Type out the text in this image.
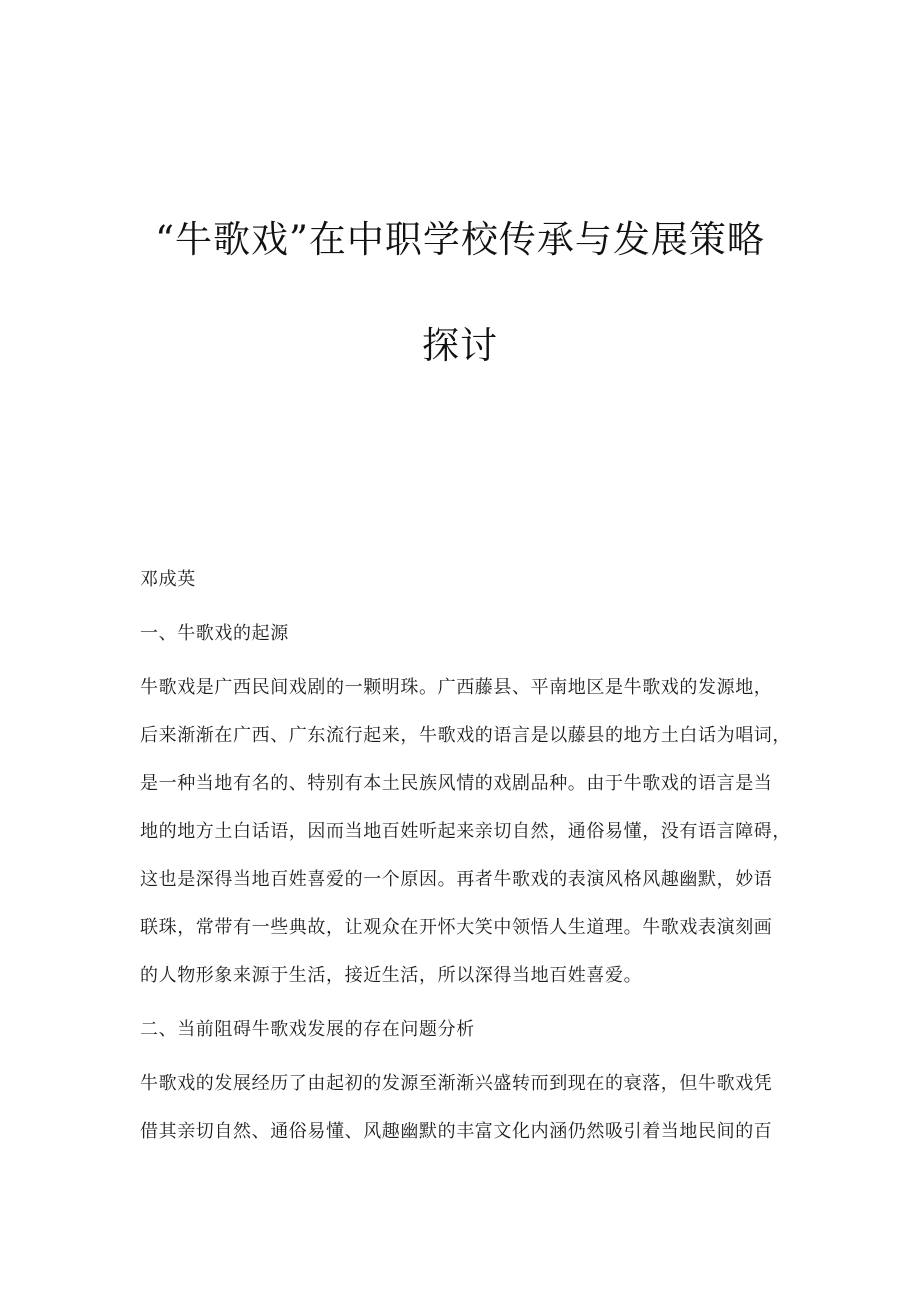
“牛歌戏”在中职学校传承与发展策略
探讨
邓成英
一、牛歌戏的起源
牛歌戏是广西民间戏剧的一颗明珠。广西藤县、平南地区是牛歌戏的发源地，
后来渐渐在广西、广东流行起来，牛歌戏的语言是以藤县的地方土白话为唱词，
是一种当地有名的、特别有本土民族风情的戏剧品种。由于牛歌戏的语言是当
地的地方土白话语，因而当地百姓听起来亲切自然，通俗易懂，没有语言障碍，
这也是深得当地百姓喜爱的一个原因。再者牛歌戏的表演风格风趣幽默，妙语
联珠，常带有一些典故，让观众在开怀大笑中领悟人生道理。牛歌戏表演刻画
的人物形象来源于生活，接近生活，所以深得当地百姓喜爱。
二、当前阻碍牛歌戏发展的存在问题分析
牛歌戏的发展经历了由起初的发源至渐渐兴盛转而到现在的衰落，但牛歌戏凭
借其亲切自然、通俗易懂、风趣幽默的丰富文化内涵仍然吸引着当地民间的百
